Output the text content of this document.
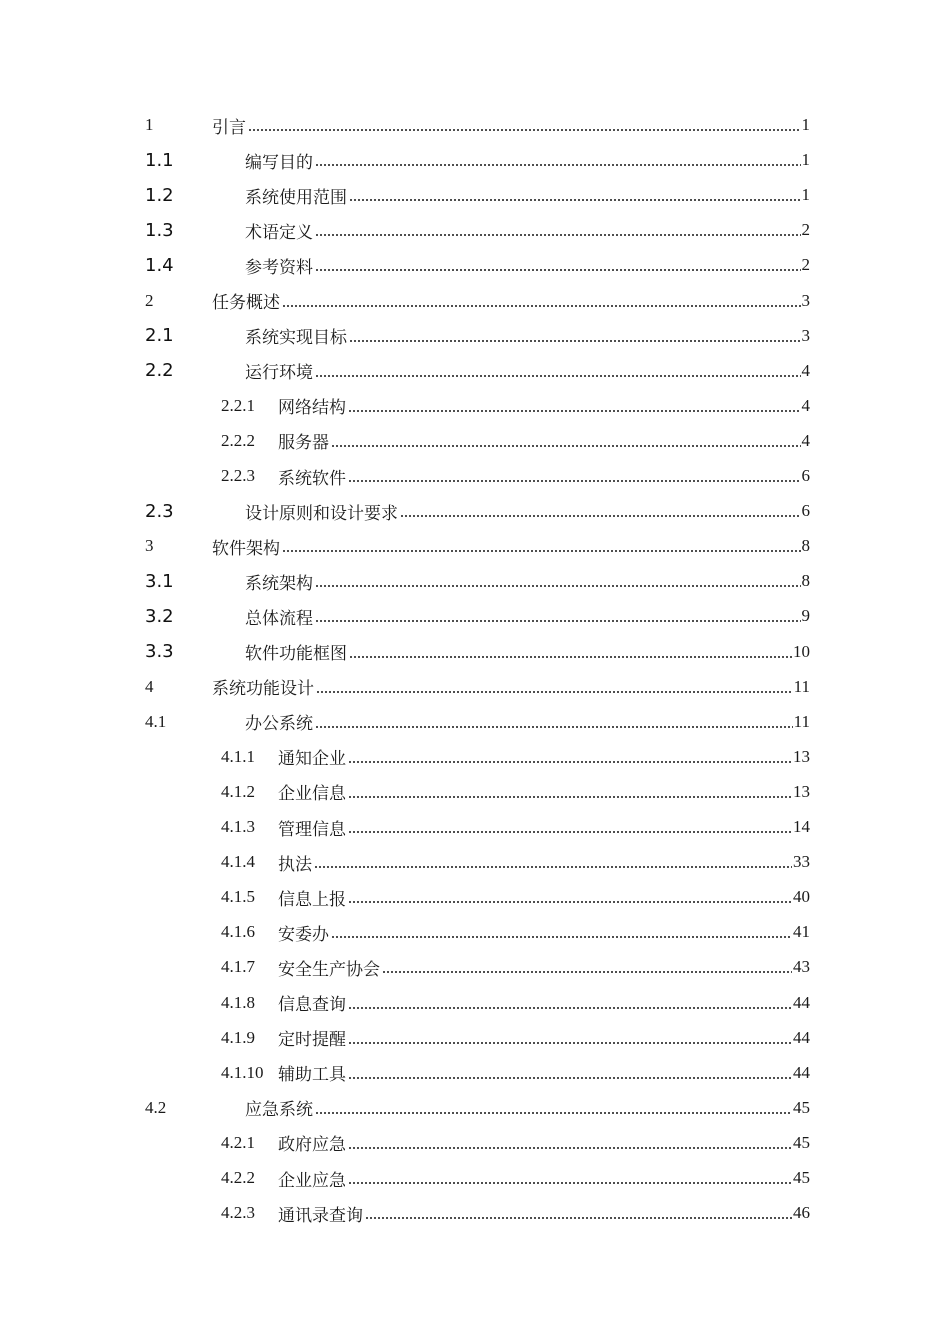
1	引言	1
1.1	编写目的	1
1.2	系统使用范围	1
1.3	术语定义	2
1.4	参考资料	2
2	任务概述	3
2.1	系统实现目标	3
2.2	运行环境	4
2.2.1 网络结构	4
2.2.2 服务器	4
2.2.3 系统软件	6
2.3	设计原则和设计要求	6
3	软件架构	8
3.1	系统架构	8
3.2	总体流程	9
3.3	软件功能框图	10
4	系统功能设计	11
4.1	办公系统	11
4.1.1 通知企业	13
4.1.2 企业信息	13
4.1.3 管理信息	14
4.1.4 执法	33
4.1.5 信息上报	40
4.1.6 安委办	41
4.1.7 安全生产协会	43
4.1.8 信息查询	44
4.1.9 定时提醒	44
4.1.10 辅助工具	44
4.2	应急系统	45
4.2.1 政府应急	45
4.2.2 企业应急	45
4.2.3 通讯录查询	46
